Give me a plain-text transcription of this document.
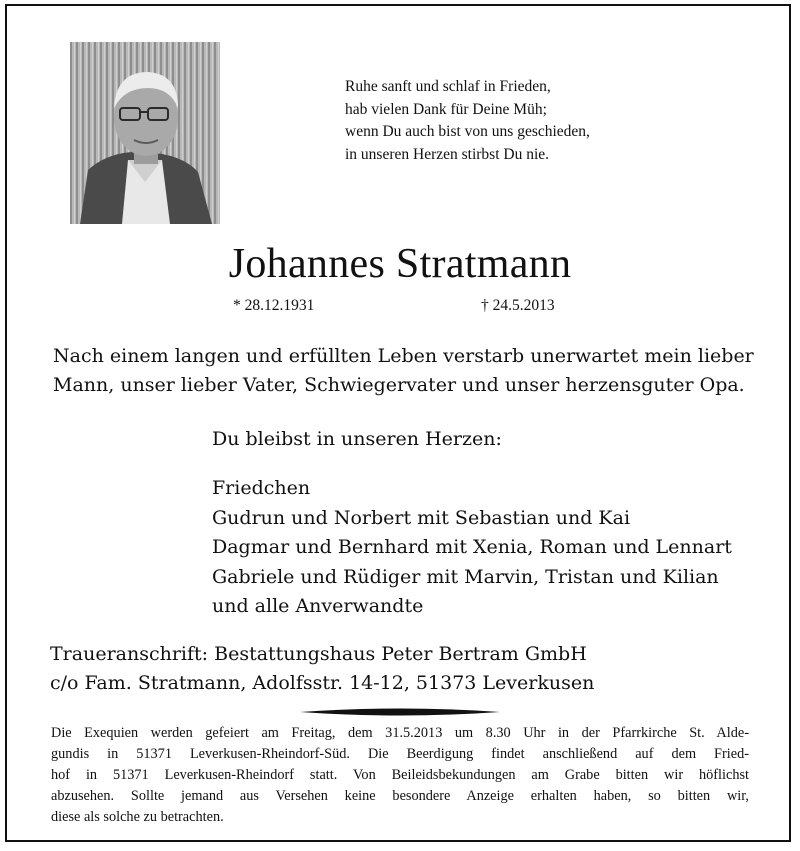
Ruhe sanft und schlaf in Frieden,
hab vielen Dank für Deine Müh;
wenn Du auch bist von uns geschieden,
in unseren Herzen stirbst Du nie.
Johannes Stratmann
* 28.12.1931	† 24.5.2013
Nach einem langen und erfüllten Leben verstarb unerwartet mein lieber
Mann, unser lieber Vater, Schwiegervater und unser herzensguter Opa.
Du bleibst in unseren Herzen:
Friedchen
Gudrun und Norbert mit Sebastian und Kai
Dagmar und Bernhard mit Xenia, Roman und Lennart
Gabriele und Rüdiger mit Marvin, Tristan und Kilian
und alle Anverwandte
Traueranschrift: Bestattungshaus Peter Bertram GmbH
c/o Fam. Stratmann, Adolfsstr. 14-12, 51373 Leverkusen
Die Exequien werden gefeiert am Freitag, dem 31.5.2013 um 8.30 Uhr in der Pfarrkirche St. Alde-
gundis in 51371 Leverkusen-Rheindorf-Süd. Die Beerdigung findet anschließend auf dem Fried-
hof in 51371 Leverkusen-Rheindorf statt. Von Beileidsbekundungen am Grabe bitten wir höflichst
abzusehen. Sollte jemand aus Versehen keine besondere Anzeige erhalten haben, so bitten wir,
diese als solche zu betrachten.
